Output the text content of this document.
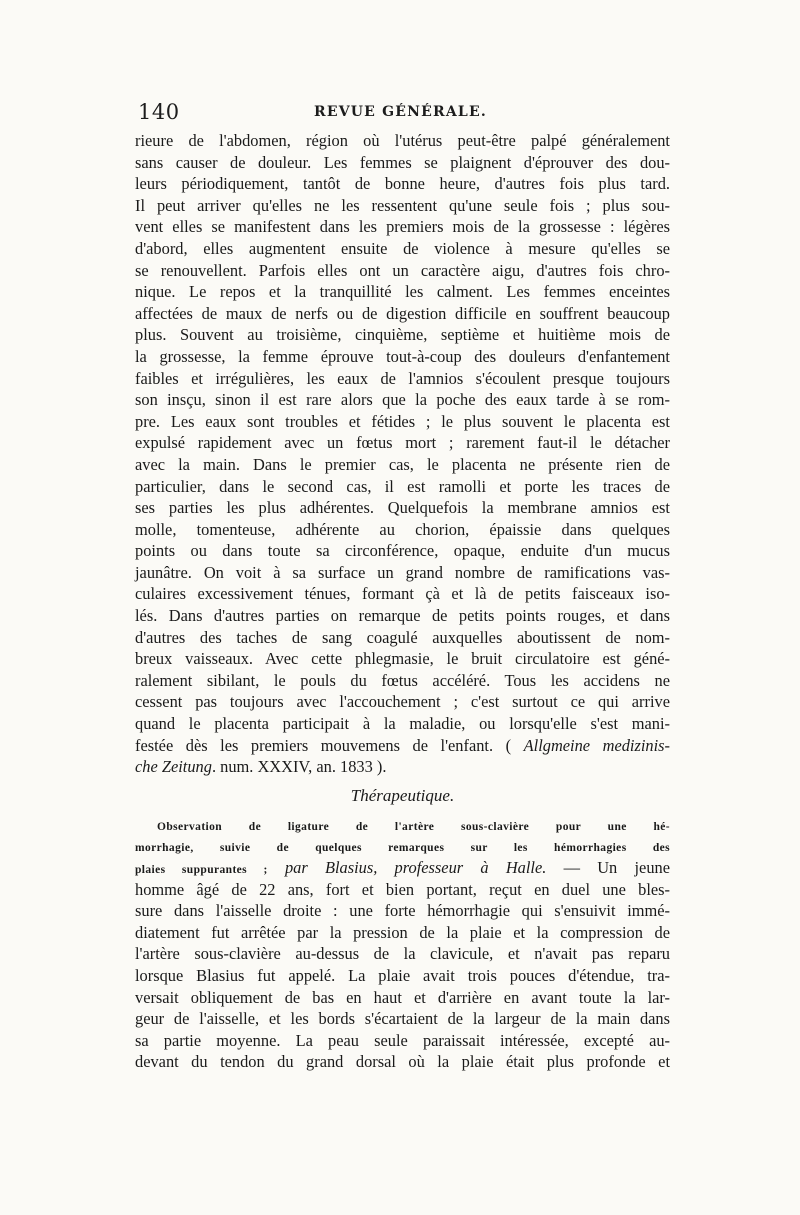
140	REVUE GÉNÉRALE.
rieure de l'abdomen, région où l'utérus peut-être palpé généralement
sans causer de douleur. Les femmes se plaignent d'éprouver des dou-
leurs périodiquement, tantôt de bonne heure, d'autres fois plus tard.
Il peut arriver qu'elles ne les ressentent qu'une seule fois ; plus sou-
vent elles se manifestent dans les premiers mois de la grossesse : légères
d'abord, elles augmentent ensuite de violence à mesure qu'elles se
se renouvellent. Parfois elles ont un caractère aigu, d'autres fois chro-
nique. Le repos et la tranquillité les calment. Les femmes enceintes
affectées de maux de nerfs ou de digestion difficile en souffrent beaucoup
plus. Souvent au troisième, cinquième, septième et huitième mois de
la grossesse, la femme éprouve tout-à-coup des douleurs d'enfantement
faibles et irrégulières, les eaux de l'amnios s'écoulent presque toujours
son insçu, sinon il est rare alors que la poche des eaux tarde à se rom-
pre. Les eaux sont troubles et fétides ; le plus souvent le placenta est
expulsé rapidement avec un fœtus mort ; rarement faut-il le détacher
avec la main. Dans le premier cas, le placenta ne présente rien de
particulier, dans le second cas, il est ramolli et porte les traces de
ses parties les plus adhérentes. Quelquefois la membrane amnios est
molle, tomenteuse, adhérente au chorion, épaissie dans quelques
points ou dans toute sa circonférence, opaque, enduite d'un mucus
jaunâtre. On voit à sa surface un grand nombre de ramifications vas-
culaires excessivement ténues, formant çà et là de petits faisceaux iso-
lés. Dans d'autres parties on remarque de petits points rouges, et dans
d'autres des taches de sang coagulé auxquelles aboutissent de nom-
breux vaisseaux. Avec cette phlegmasie, le bruit circulatoire est géné-
ralement sibilant, le pouls du fœtus accéléré. Tous les accidens ne
cessent pas toujours avec l'accouchement ; c'est surtout ce qui arrive
quand le placenta participait à la maladie, ou lorsqu'elle s'est mani-
festée dès les premiers mouvemens de l'enfant. ( Allgmeine medizinis-
che Zeitung. num. XXXIV, an. 1833 ).
Thérapeutique.
Observation de ligature de l'artère sous-clavière pour une hé-
morrhagie, suivie de quelques remarques sur les hémorrhagies des
plaies suppurantes ; par Blasius, professeur à Halle. — Un jeune
homme âgé de 22 ans, fort et bien portant, reçut en duel une bles-
sure dans l'aisselle droite : une forte hémorrhagie qui s'ensuivit immé-
diatement fut arrêtée par la pression de la plaie et la compression de
l'artère sous-clavière au-dessus de la clavicule, et n'avait pas reparu
lorsque Blasius fut appelé. La plaie avait trois pouces d'étendue, tra-
versait obliquement de bas en haut et d'arrière en avant toute la lar-
geur de l'aisselle, et les bords s'écartaient de la largeur de la main dans
sa partie moyenne. La peau seule paraissait intéressée, excepté au-
devant du tendon du grand dorsal où la plaie était plus profonde et
